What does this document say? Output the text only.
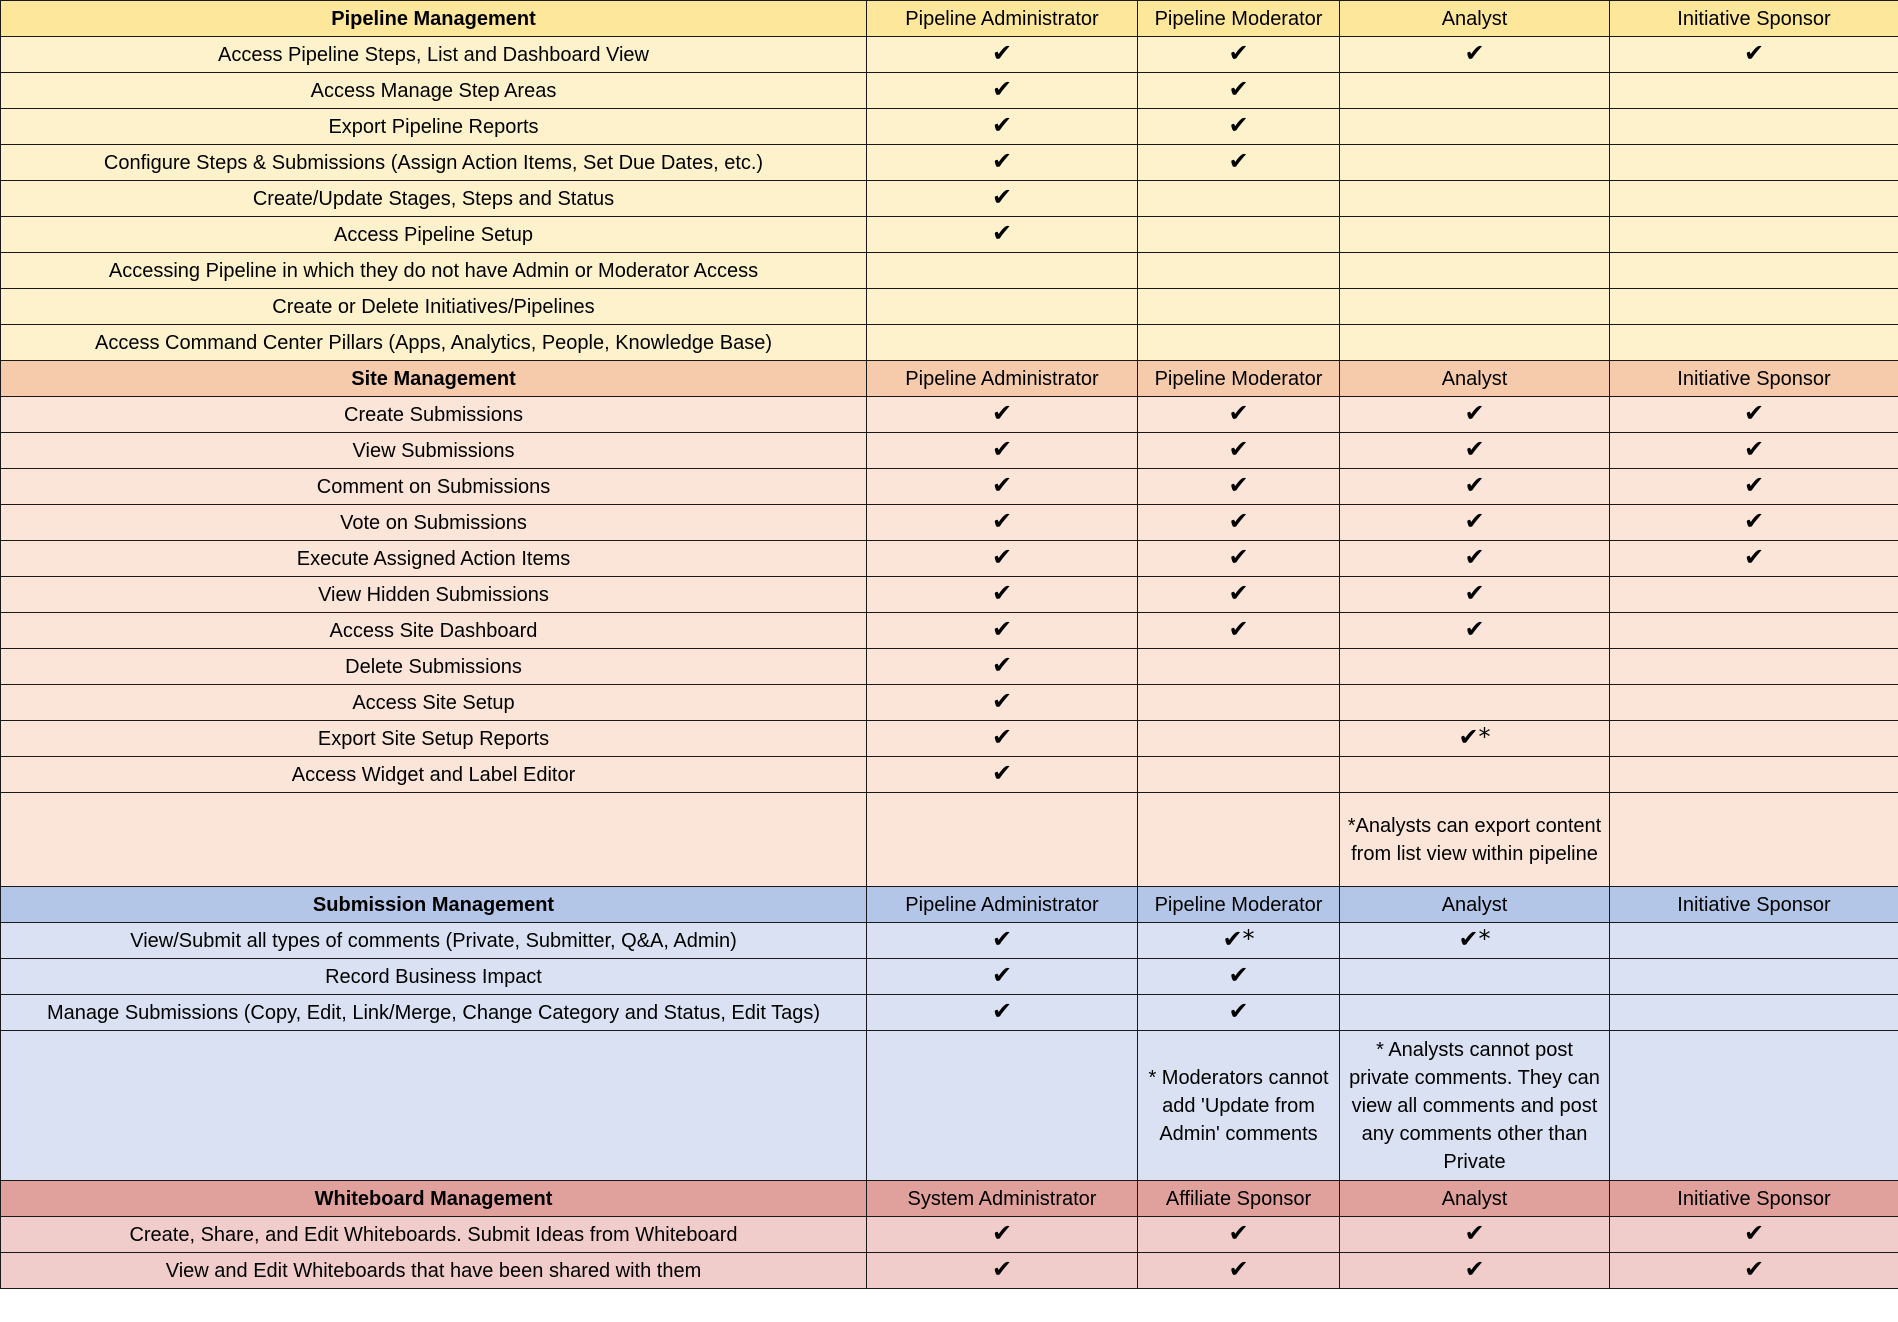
Pipeline Management	Pipeline Administrator	Pipeline Moderator	Analyst	Initiative Sponsor
Access Pipeline Steps, List and Dashboard View	✔	✔	✔	✔
Access Manage Step Areas	✔	✔		
Export Pipeline Reports	✔	✔		
Configure Steps & Submissions (Assign Action Items, Set Due Dates, etc.)	✔	✔		
Create/Update Stages, Steps and Status	✔			
Access Pipeline Setup	✔			
Accessing Pipeline in which they do not have Admin or Moderator Access				
Create or Delete Initiatives/Pipelines				
Access Command Center Pillars (Apps, Analytics, People, Knowledge Base)				
Site Management	Pipeline Administrator	Pipeline Moderator	Analyst	Initiative Sponsor
Create Submissions	✔	✔	✔	✔
View Submissions	✔	✔	✔	✔
Comment on Submissions	✔	✔	✔	✔
Vote on Submissions	✔	✔	✔	✔
Execute Assigned Action Items	✔	✔	✔	✔
View Hidden Submissions	✔	✔	✔	
Access Site Dashboard	✔	✔	✔	
Delete Submissions	✔			
Access Site Setup	✔			
Export Site Setup Reports	✔		✔*	
Access Widget and Label Editor	✔			
			*Analysts can export content from list view within pipeline	
Submission Management	Pipeline Administrator	Pipeline Moderator	Analyst	Initiative Sponsor
View/Submit all types of comments (Private, Submitter, Q&A, Admin)	✔	✔*	✔*	
Record Business Impact	✔	✔		
Manage Submissions (Copy, Edit, Link/Merge, Change Category and Status, Edit Tags)	✔	✔		
		* Moderators cannot add 'Update from Admin' comments	* Analysts cannot post private comments. They can view all comments and post any comments other than Private	
Whiteboard Management	System Administrator	Affiliate Sponsor	Analyst	Initiative Sponsor
Create, Share, and Edit Whiteboards. Submit Ideas from Whiteboard	✔	✔	✔	✔
View and Edit Whiteboards that have been shared with them	✔	✔	✔	✔
